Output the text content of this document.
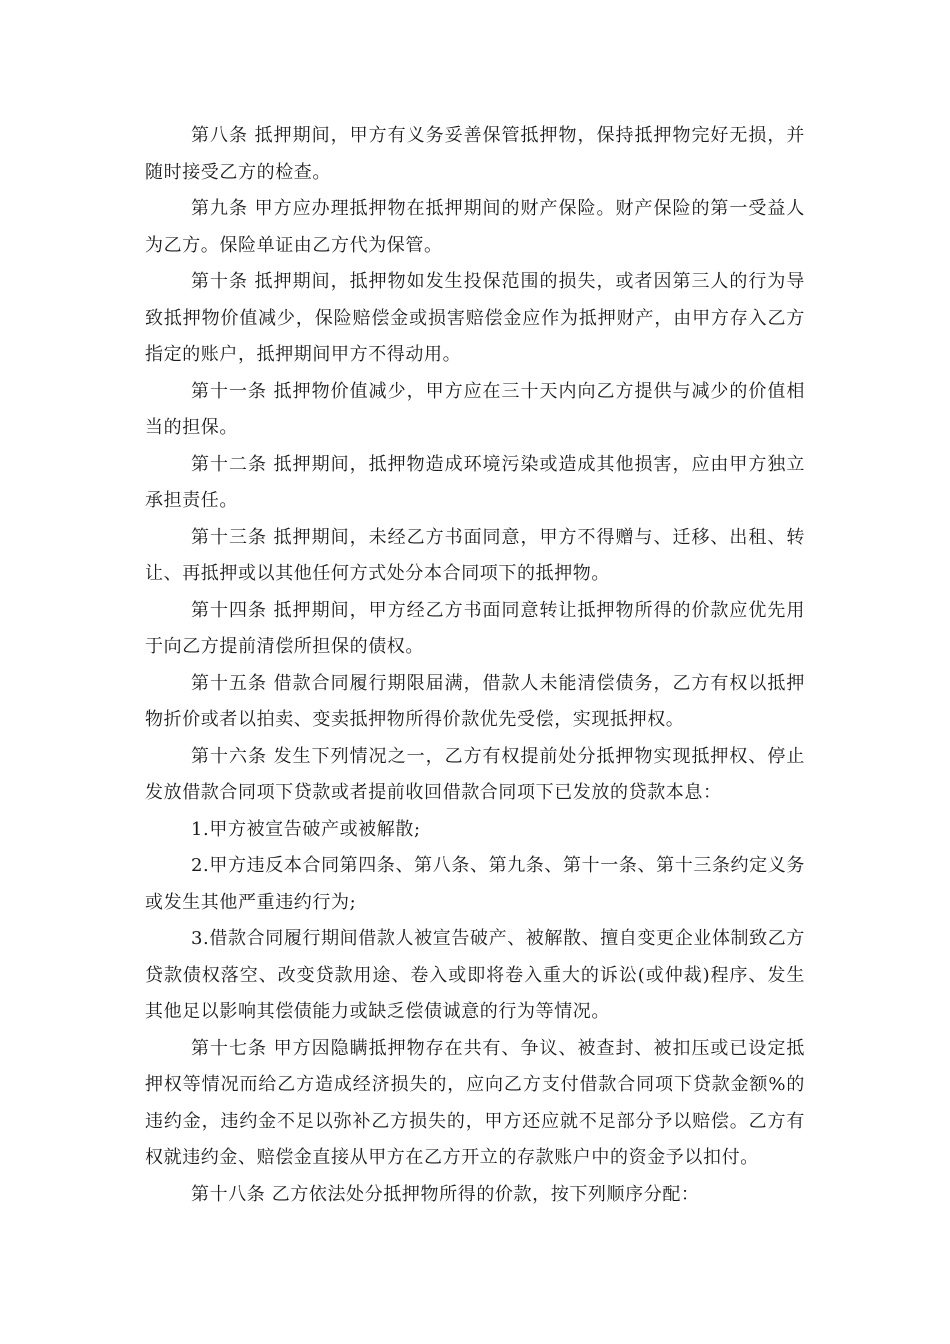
第八条 抵押期间，甲方有义务妥善保管抵押物，保持抵押物完好无损，并随时接受乙方的检查。

第九条 甲方应办理抵押物在抵押期间的财产保险。财产保险的第一受益人为乙方。保险单证由乙方代为保管。

第十条 抵押期间，抵押物如发生投保范围的损失，或者因第三人的行为导致抵押物价值减少，保险赔偿金或损害赔偿金应作为抵押财产，由甲方存入乙方指定的账户，抵押期间甲方不得动用。

第十一条 抵押物价值减少，甲方应在三十天内向乙方提供与减少的价值相当的担保。

第十二条 抵押期间，抵押物造成环境污染或造成其他损害，应由甲方独立承担责任。

第十三条 抵押期间，未经乙方书面同意，甲方不得赠与、迁移、出租、转让、再抵押或以其他任何方式处分本合同项下的抵押物。

第十四条 抵押期间，甲方经乙方书面同意转让抵押物所得的价款应优先用于向乙方提前清偿所担保的债权。

第十五条 借款合同履行期限届满，借款人未能清偿债务，乙方有权以抵押物折价或者以拍卖、变卖抵押物所得价款优先受偿，实现抵押权。

第十六条 发生下列情况之一，乙方有权提前处分抵押物实现抵押权、停止发放借款合同项下贷款或者提前收回借款合同项下已发放的贷款本息：

1.甲方被宣告破产或被解散;

2.甲方违反本合同第四条、第八条、第九条、第十一条、第十三条约定义务或发生其他严重违约行为;

3.借款合同履行期间借款人被宣告破产、被解散、擅自变更企业体制致乙方贷款债权落空、改变贷款用途、卷入或即将卷入重大的诉讼(或仲裁)程序、发生其他足以影响其偿债能力或缺乏偿债诚意的行为等情况。

第十七条 甲方因隐瞒抵押物存在共有、争议、被查封、被扣压或已设定抵押权等情况而给乙方造成经济损失的，应向乙方支付借款合同项下贷款金额%的违约金，违约金不足以弥补乙方损失的，甲方还应就不足部分予以赔偿。乙方有权就违约金、赔偿金直接从甲方在乙方开立的存款账户中的资金予以扣付。

第十八条 乙方依法处分抵押物所得的价款，按下列顺序分配：
